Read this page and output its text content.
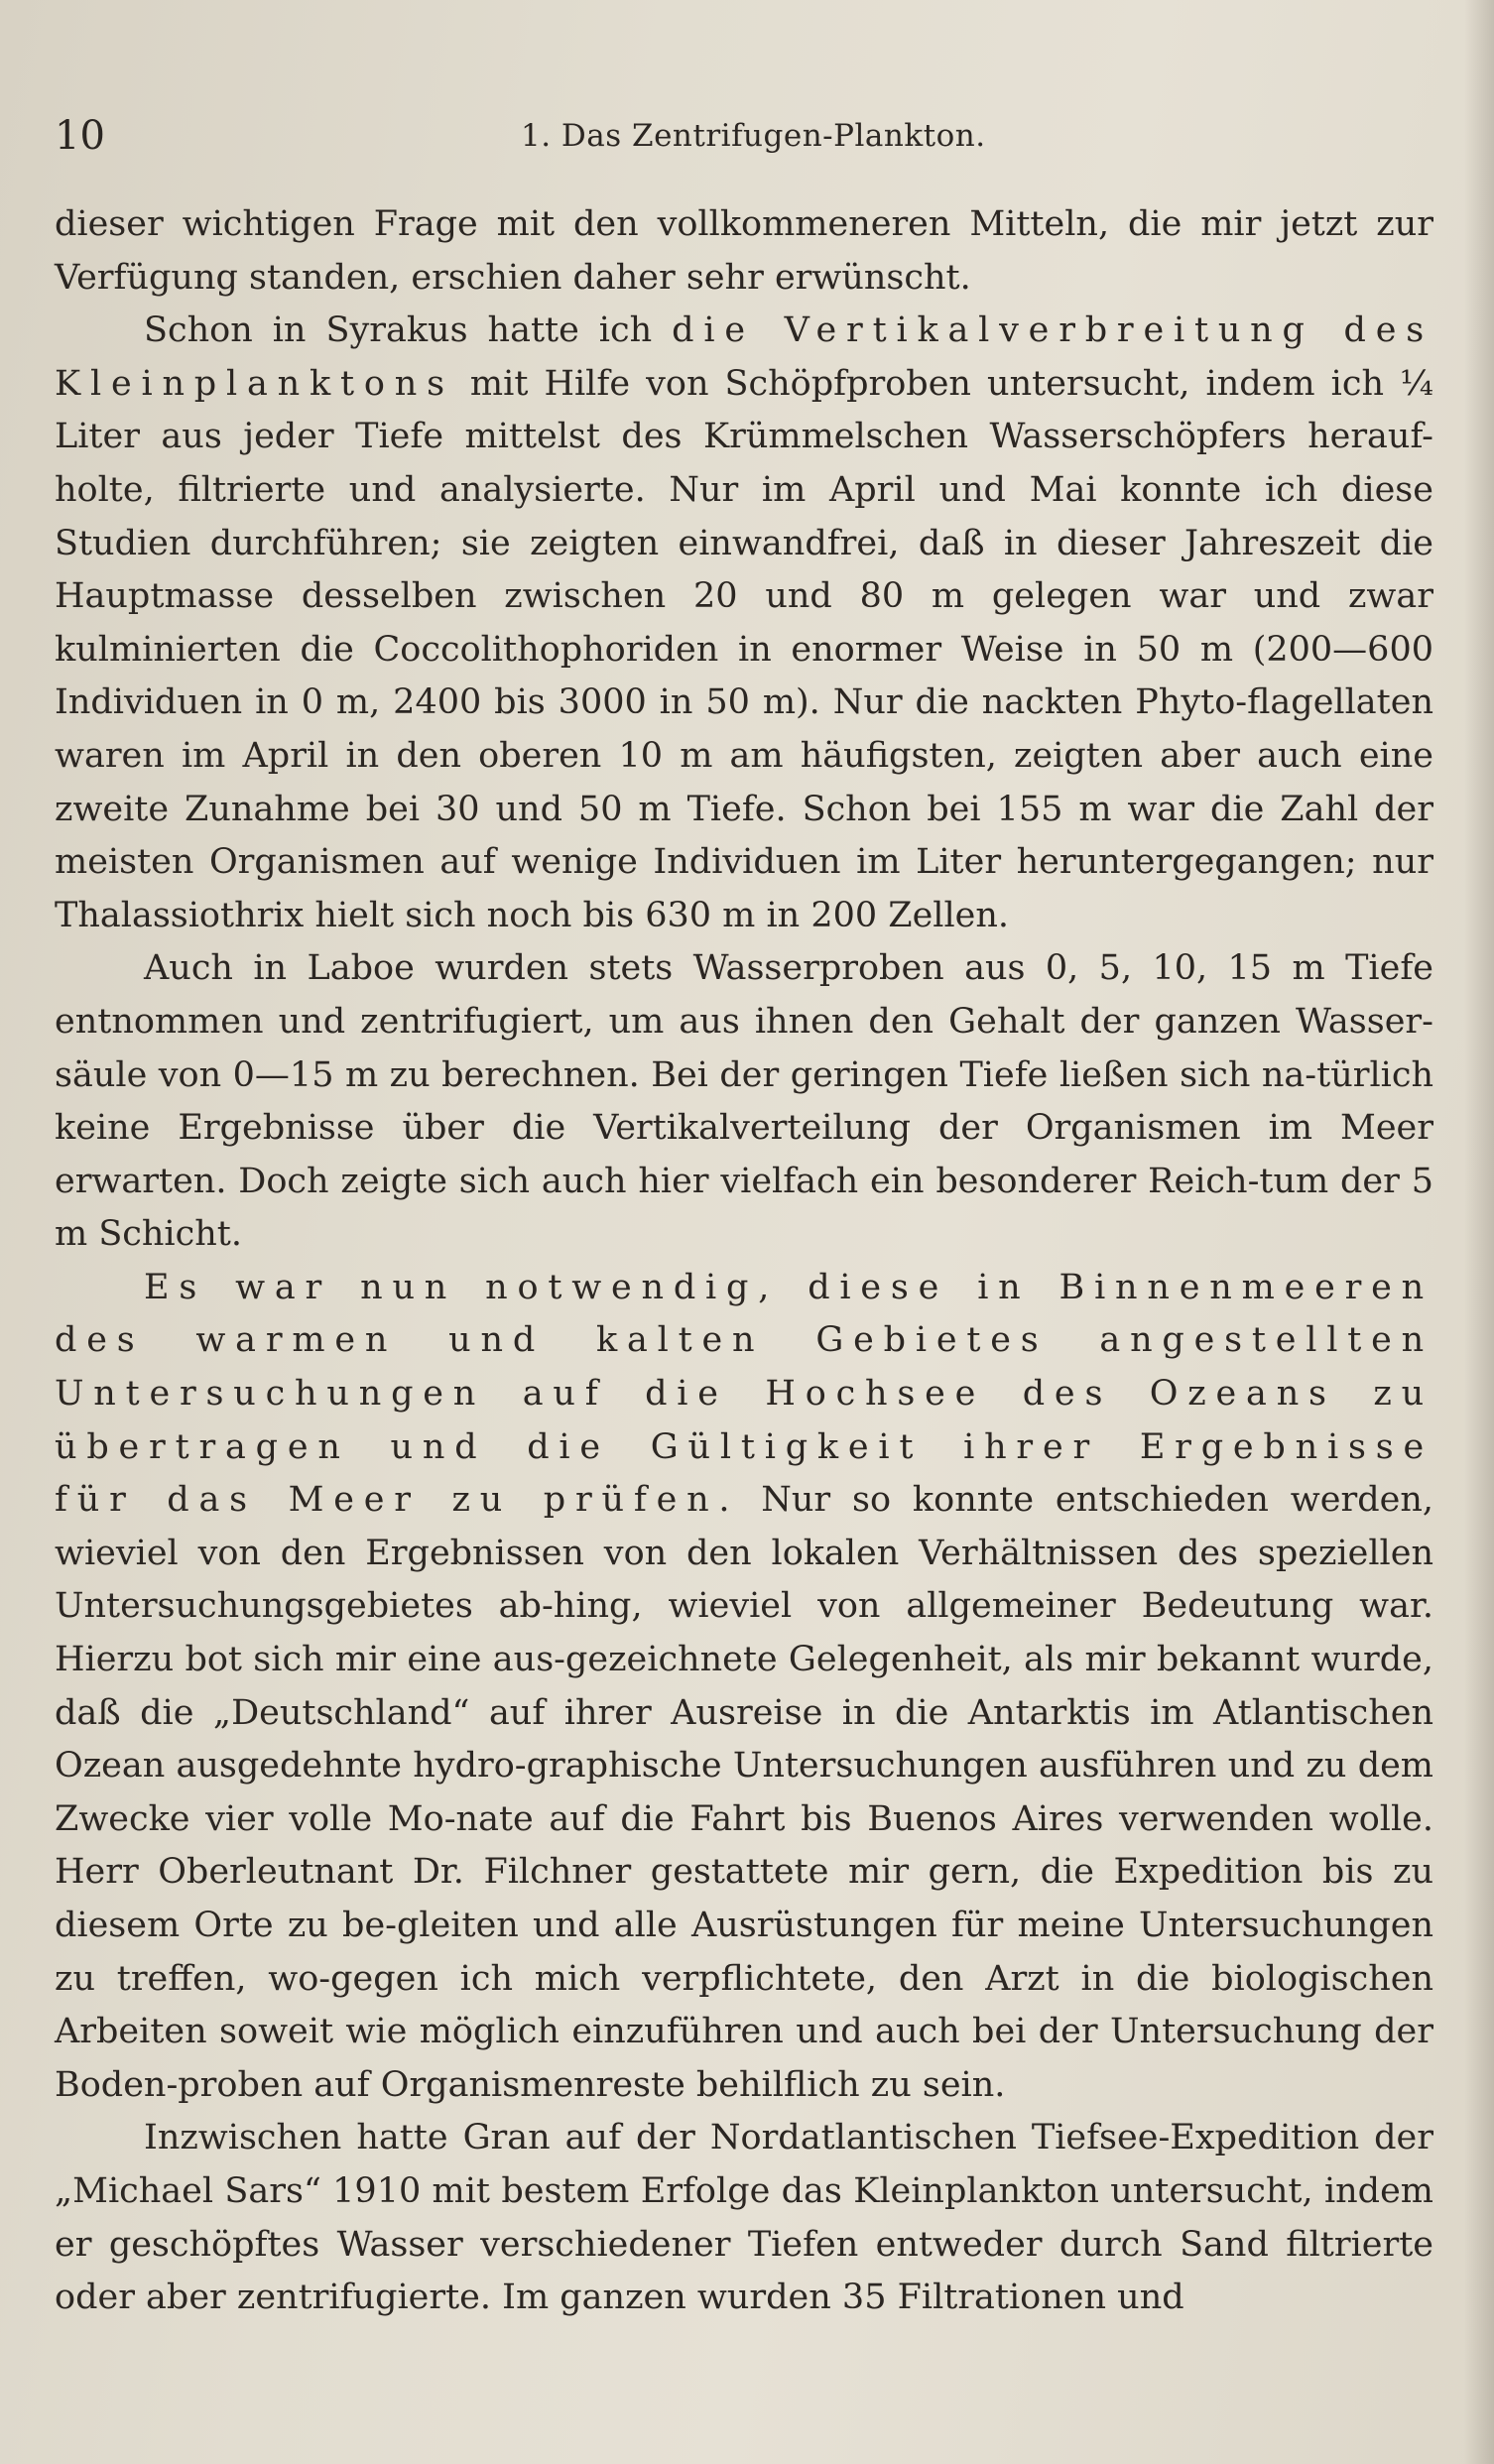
10	1. Das Zentrifugen-Plankton.

dieser wichtigen Frage mit den vollkommeneren Mitteln, die mir jetzt zur Verfügung standen, erschien daher sehr erwünscht.

Schon in Syrakus hatte ich die Vertikalverbreitung des Kleinplanktons mit Hilfe von Schöpfproben untersucht, indem ich ¼ Liter aus jeder Tiefe mittelst des Krümmelschen Wasserschöpfers herauf-holte, filtrierte und analysierte. Nur im April und Mai konnte ich diese Studien durchführen; sie zeigten einwandfrei, daß in dieser Jahreszeit die Hauptmasse desselben zwischen 20 und 80 m gelegen war und zwar kulminierten die Coccolithophoriden in enormer Weise in 50 m (200—600 Individuen in 0 m, 2400 bis 3000 in 50 m). Nur die nackten Phyto-flagellaten waren im April in den oberen 10 m am häufigsten, zeigten aber auch eine zweite Zunahme bei 30 und 50 m Tiefe. Schon bei 155 m war die Zahl der meisten Organismen auf wenige Individuen im Liter heruntergegangen; nur Thalassiothrix hielt sich noch bis 630 m in 200 Zellen.

Auch in Laboe wurden stets Wasserproben aus 0, 5, 10, 15 m Tiefe entnommen und zentrifugiert, um aus ihnen den Gehalt der ganzen Wasser-säule von 0—15 m zu berechnen. Bei der geringen Tiefe ließen sich na-türlich keine Ergebnisse über die Vertikalverteilung der Organismen im Meer erwarten. Doch zeigte sich auch hier vielfach ein besonderer Reich-tum der 5 m Schicht.

Es war nun notwendig, diese in Binnenmeeren des warmen und kalten Gebietes angestellten Untersuchungen auf die Hochsee des Ozeans zu übertragen und die Gültigkeit ihrer Ergebnisse für das Meer zu prüfen. Nur so konnte entschieden werden, wieviel von den Ergebnissen von den lokalen Verhältnissen des speziellen Untersuchungsgebietes ab-hing, wieviel von allgemeiner Bedeutung war. Hierzu bot sich mir eine aus-gezeichnete Gelegenheit, als mir bekannt wurde, daß die „Deutschland“ auf ihrer Ausreise in die Antarktis im Atlantischen Ozean ausgedehnte hydro-graphische Untersuchungen ausführen und zu dem Zwecke vier volle Mo-nate auf die Fahrt bis Buenos Aires verwenden wolle. Herr Oberleutnant Dr. Filchner gestattete mir gern, die Expedition bis zu diesem Orte zu be-gleiten und alle Ausrüstungen für meine Untersuchungen zu treffen, wo-gegen ich mich verpflichtete, den Arzt in die biologischen Arbeiten soweit wie möglich einzuführen und auch bei der Untersuchung der Boden-proben auf Organismenreste behilflich zu sein.

Inzwischen hatte Gran auf der Nordatlantischen Tiefsee-Expedition der „Michael Sars“ 1910 mit bestem Erfolge das Kleinplankton untersucht, indem er geschöpftes Wasser verschiedener Tiefen entweder durch Sand filtrierte oder aber zentrifugierte. Im ganzen wurden 35 Filtrationen und
